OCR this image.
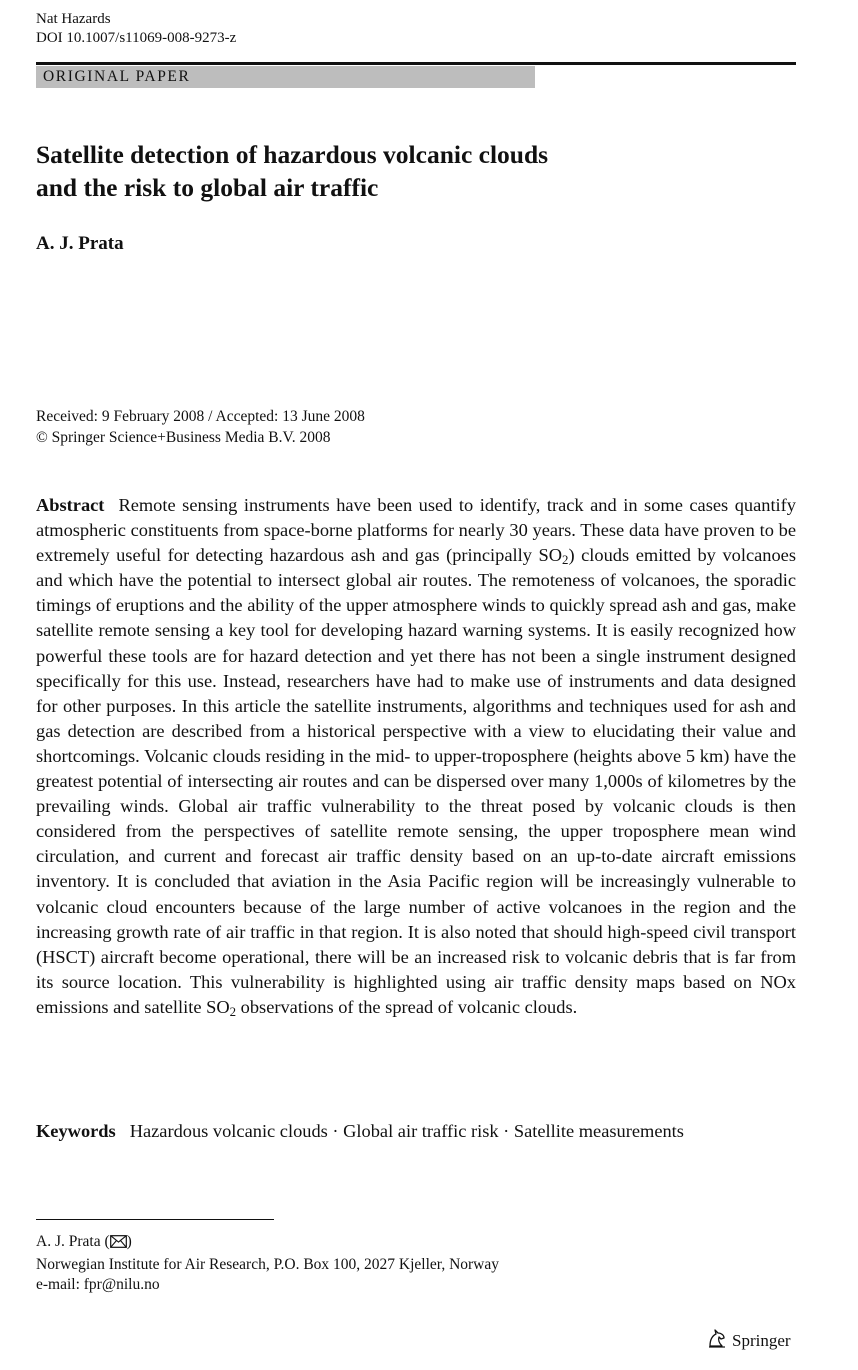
Nat Hazards
DOI 10.1007/s11069-008-9273-z
ORIGINAL PAPER
Satellite detection of hazardous volcanic clouds
and the risk to global air traffic
A. J. Prata
Received: 9 February 2008 / Accepted: 13 June 2008
© Springer Science+Business Media B.V. 2008
Abstract Remote sensing instruments have been used to identify, track and in some cases quantify atmospheric constituents from space-borne platforms for nearly 30 years. These data have proven to be extremely useful for detecting hazardous ash and gas (principally $SO_2$) clouds emitted by volcanoes and which have the potential to intersect global air routes. The remoteness of volcanoes, the sporadic timings of eruptions and the ability of the upper atmosphere winds to quickly spread ash and gas, make satellite remote sensing a key tool for developing hazard warning systems. It is easily recognized how powerful these tools are for hazard detection and yet there has not been a single instrument designed specifically for this use. Instead, researchers have had to make use of instruments and data designed for other purposes. In this article the satellite instruments, algorithms and techniques used for ash and gas detection are described from a historical perspective with a view to elucidating their value and shortcomings. Volcanic clouds residing in the mid- to upper-troposphere (heights above 5 km) have the greatest potential of intersecting air routes and can be dispersed over many 1,000s of kilometres by the prevailing winds. Global air traffic vulnerability to the threat posed by volcanic clouds is then considered from the perspectives of satellite remote sensing, the upper troposphere mean wind circulation, and current and forecast air traffic density based on an up-to-date aircraft emissions inventory. It is concluded that aviation in the Asia Pacific region will be increasingly vulnerable to volcanic cloud encounters because of the large number of active volcanoes in the region and the increasing growth rate of air traffic in that region. It is also noted that should high-speed civil transport (HSCT) aircraft become operational, there will be an increased risk to volcanic debris that is far from its source location. This vulnerability is highlighted using air traffic density maps based on NOx emissions and satellite $SO_2$ observations of the spread of volcanic clouds.
Keywords Hazardous volcanic clouds · Global air traffic risk · Satellite measurements
A. J. Prata ( )
Norwegian Institute for Air Research, P.O. Box 100, 2027 Kjeller, Norway
e-mail: fpr@nilu.no
Springer
